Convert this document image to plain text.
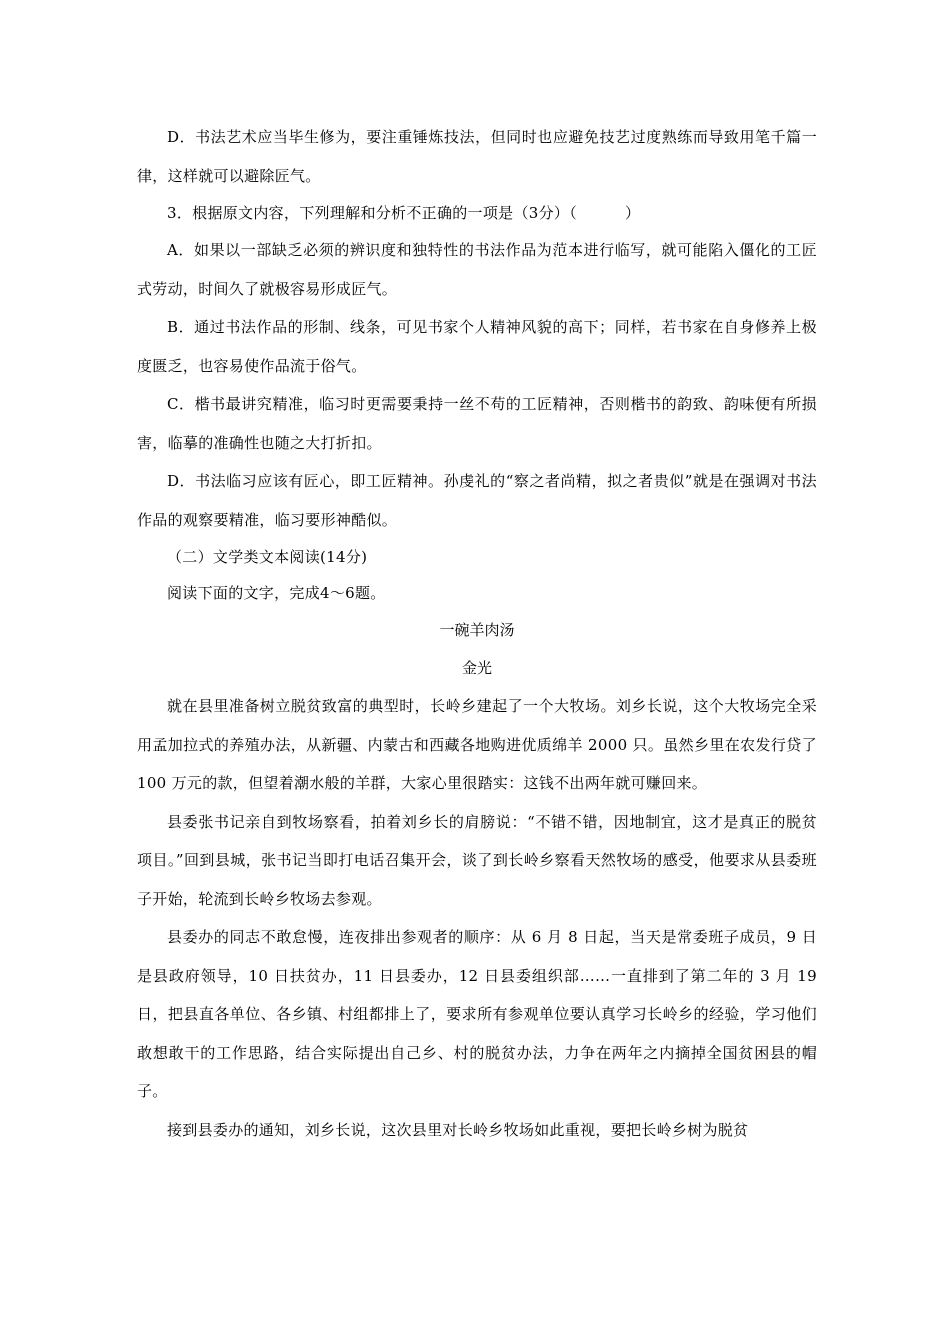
D．书法艺术应当毕生修为，要注重锤炼技法，但同时也应避免技艺过度熟练而导致用笔千篇一律，这样就可以避除匠气。

3．根据原文内容，下列理解和分析不正确的一项是（3分）（	）

A．如果以一部缺乏必须的辨识度和独特性的书法作品为范本进行临写，就可能陷入僵化的工匠式劳动，时间久了就极容易形成匠气。

B．通过书法作品的形制、线条，可见书家个人精神风貌的高下；同样，若书家在自身修养上极度匮乏，也容易使作品流于俗气。

C．楷书最讲究精准，临习时更需要秉持一丝不苟的工匠精神，否则楷书的韵致、韵味便有所损害，临摹的准确性也随之大打折扣。

D．书法临习应该有匠心，即工匠精神。孙虔礼的“察之者尚精，拟之者贵似”就是在强调对书法作品的观察要精准，临习要形神酷似。

（二）文学类文本阅读(14分)

阅读下面的文字，完成4～6题。

一碗羊肉汤

金光

就在县里准备树立脱贫致富的典型时，长岭乡建起了一个大牧场。刘乡长说，这个大牧场完全采用孟加拉式的养殖办法，从新疆、内蒙古和西藏各地购进优质绵羊 2000 只。虽然乡里在农发行贷了 100 万元的款，但望着潮水般的羊群，大家心里很踏实：这钱不出两年就可赚回来。

县委张书记亲自到牧场察看，拍着刘乡长的肩膀说：“不错不错，因地制宜，这才是真正的脱贫项目。”回到县城，张书记当即打电话召集开会，谈了到长岭乡察看天然牧场的感受，他要求从县委班子开始，轮流到长岭乡牧场去参观。

县委办的同志不敢怠慢，连夜排出参观者的顺序：从 6 月 8 日起，当天是常委班子成员，9 日是县政府领导，10 日扶贫办，11 日县委办，12 日县委组织部……一直排到了第二年的 3 月 19 日，把县直各单位、各乡镇、村组都排上了，要求所有参观单位要认真学习长岭乡的经验，学习他们敢想敢干的工作思路，结合实际提出自己乡、村的脱贫办法，力争在两年之内摘掉全国贫困县的帽子。

接到县委办的通知，刘乡长说，这次县里对长岭乡牧场如此重视，要把长岭乡树为脱贫
